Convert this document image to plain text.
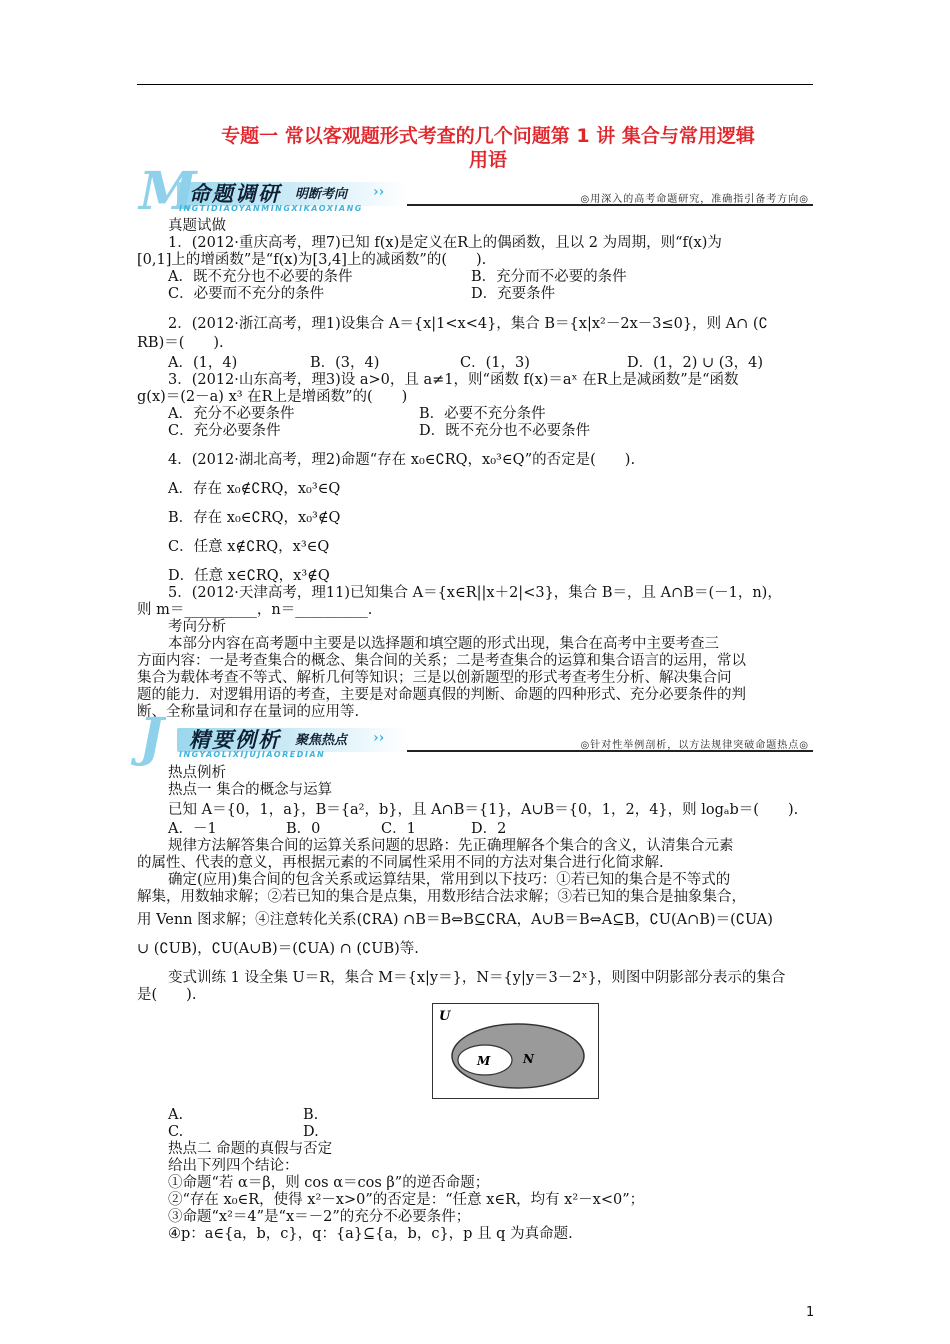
专题一 常以客观题形式考查的几个问题第 1 讲 集合与常用逻辑
用语
M
命题调研 明断考向 ››
INGTIDIAOYANMINGXIKAOXIANG
◎用深入的高考命题研究，准确指引备考方向◎
真题试做
1．(2012·重庆高考，理7)已知 f(x)是定义在R上的偶函数，且以 2 为周期，则“f(x)为
[0,1]上的增函数”是“f(x)为[3,4]上的减函数”的(　　).
A．既不充分也不必要的条件	B．充分而不必要的条件
C．必要而不充分的条件	D．充要条件
2．(2012·浙江高考，理1)设集合 A＝{x|1<x<4}，集合 B＝{x|x²－2x－3≤0}，则 A∩ (∁
RB)＝(　　).
A．(1，4)	B．(3，4)	C．(1，3)	D．(1，2) ∪ (3，4)
3．(2012·山东高考，理3)设 a>0，且 a≠1，则“函数 f(x)＝aˣ 在R上是减函数”是“函数
g(x)＝(2－a) x³ 在R上是增函数”的(　　)
A．充分不必要条件	B．必要不充分条件
C．充分必要条件	D．既不充分也不必要条件
4．(2012·湖北高考，理2)命题“存在 x₀∈∁RQ，x₀³∈Q”的否定是(　　).
A．存在 x₀∉∁RQ，x₀³∈Q
B．存在 x₀∈∁RQ，x₀³∉Q
C．任意 x∉∁RQ，x³∈Q
D．任意 x∈∁RQ，x³∉Q
5．(2012·天津高考，理11)已知集合 A＝{x∈R||x＋2|<3}，集合 B＝，且 A∩B＝(－1，n)，
则 m＝__________，n＝__________.
考向分析
本部分内容在高考题中主要是以选择题和填空题的形式出现，集合在高考中主要考查三
方面内容：一是考查集合的概念、集合间的关系；二是考查集合的运算和集合语言的运用，常以
集合为载体考查不等式、解析几何等知识；三是以创新题型的形式考查考生分析、解决集合问
题的能力．对逻辑用语的考查，主要是对命题真假的判断、命题的四种形式、充分必要条件的判
断、全称量词和存在量词的应用等.
J 精要例析 聚焦热点 ››
INGYAOLIXIJUJIAOREDIAN
◎针对性举例剖析，以方法规律突破命题热点◎
热点例析
热点一 集合的概念与运算
已知 A＝{0，1，a}，B＝{a²，b}，且 A∩B＝{1}，A∪B＝{0，1，2，4}，则 logₐb＝(　　).
A．－1	B．0	C．1	D．2
规律方法解答集合间的运算关系问题的思路：先正确理解各个集合的含义，认清集合元素
的属性、代表的意义，再根据元素的不同属性采用不同的方法对集合进行化简求解.
确定(应用)集合间的包含关系或运算结果，常用到以下技巧：①若已知的集合是不等式的
解集，用数轴求解；②若已知的集合是点集，用数形结合法求解；③若已知的集合是抽象集合，
用 Venn 图求解；④注意转化关系(∁RA) ∩B＝B⇔B⊆∁RA，A∪B＝B⇔A⊆B，∁U(A∩B)＝(∁UA)
∪ (∁UB)，∁U(A∪B)＝(∁UA) ∩ (∁UB)等.
变式训练 1 设全集 U＝R，集合 M＝{x|y＝}，N＝{y|y＝3－2ˣ}，则图中阴影部分表示的集合
是(　　).
A.	B.
C.	D.
热点二 命题的真假与否定
给出下列四个结论：
①命题“若 α＝β，则 cos α＝cos β”的逆否命题；
②“存在 x₀∈R，使得 x²－x>0”的否定是：“任意 x∈R，均有 x²－x<0”；
③命题“x²＝4”是“x＝－2”的充分不必要条件；
④p：a∈{a，b，c}，q：{a}⊆{a，b，c}，p 且 q 为真命题.
U
M	N
1
